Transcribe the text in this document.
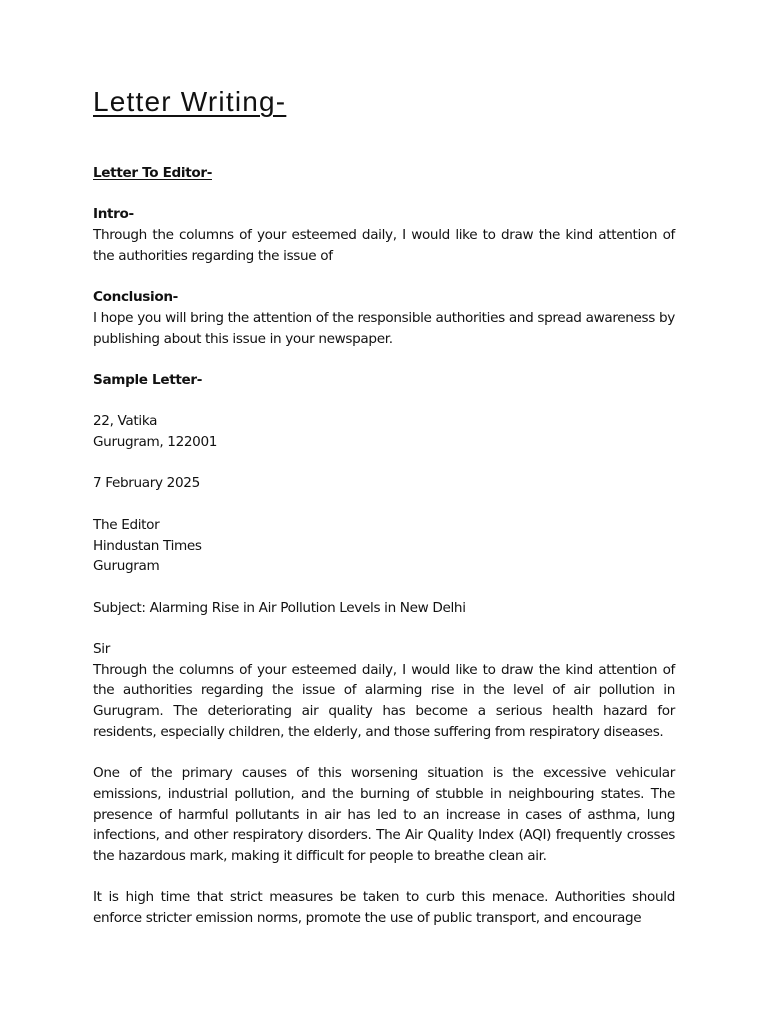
Letter Writing-

Letter To Editor-

Intro-

Through the columns of your esteemed daily, I would like to draw the kind attention of the authorities regarding the issue of

Conclusion-

I hope you will bring the attention of the responsible authorities and spread awareness by publishing about this issue in your newspaper.

Sample Letter-

22, Vatika

Gurugram, 122001

7 February 2025

The Editor

Hindustan Times

Gurugram

Subject: Alarming Rise in Air Pollution Levels in New Delhi

Sir

Through the columns of your esteemed daily, I would like to draw the kind attention of the authorities regarding the issue of alarming rise in the level of air pollution in Gurugram. The deteriorating air quality has become a serious health hazard for residents, especially children, the elderly, and those suffering from respiratory diseases.

One of the primary causes of this worsening situation is the excessive vehicular emissions, industrial pollution, and the burning of stubble in neighbouring states. The presence of harmful pollutants in air has led to an increase in cases of asthma, lung infections, and other respiratory disorders. The Air Quality Index (AQI) frequently crosses the hazardous mark, making it difficult for people to breathe clean air.

It is high time that strict measures be taken to curb this menace. Authorities should enforce stricter emission norms, promote the use of public transport, and encourage
